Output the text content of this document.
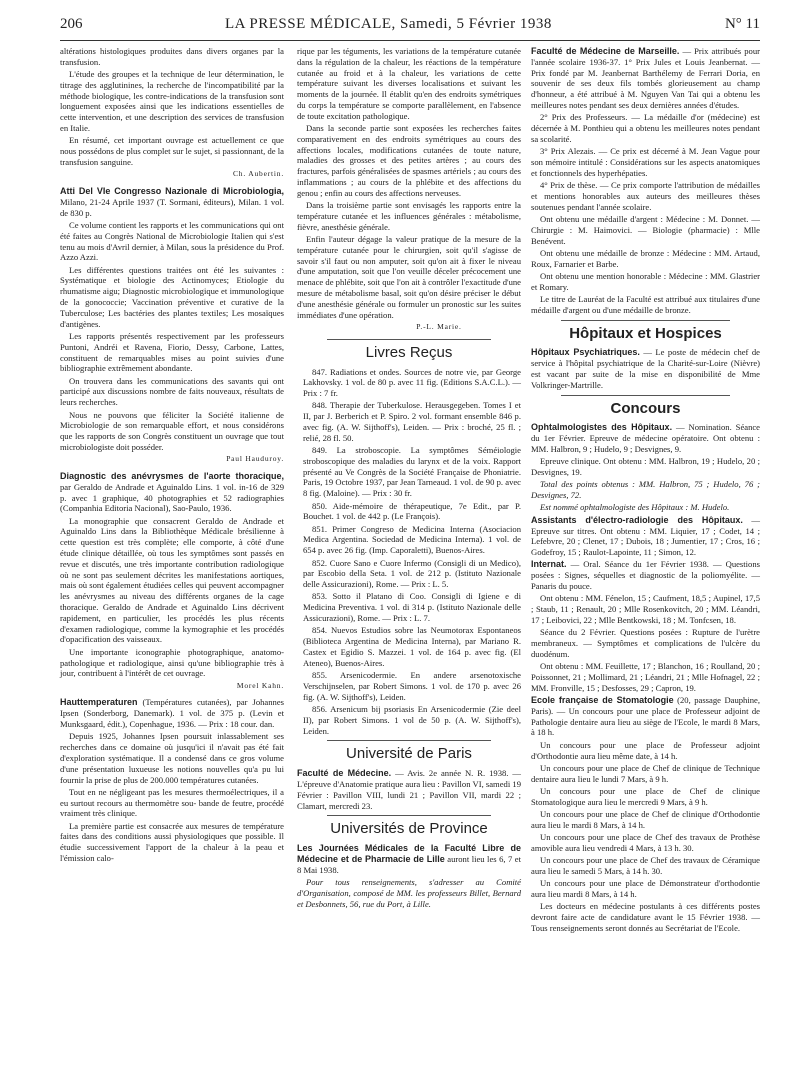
206	LA PRESSE MÉDICALE, Samedi, 5 Février 1938	N° 11

altérations histologiques produites dans divers organes par la transfusion.

L'étude des groupes et la technique de leur détermination, le titrage des agglutinines, la recherche de l'incompatibilité par la méthode biologique, les contre-indications de la transfusion sont longuement exposées ainsi que les indications essentielles de cette intervention, et une description des services de transfusion en Italie.

En résumé, cet important ouvrage est actuellement ce que nous possédons de plus complet sur le sujet, si passionnant, de la transfusion sanguine.

Ch. Aubertin.

Atti Del VIe Congresso Nazionale di Microbiologia, Milano, 21-24 Aprile 1937 (T. Sormani, éditeurs), Milan. 1 vol. de 830 p.

Ce volume contient les rapports et les communications qui ont été faites au Congrès National de Microbiologie Italien qui s'est tenu au mois d'Avril dernier, à Milan, sous la présidence du Prof. Azzo Azzi.

Les différentes questions traitées ont été les suivantes : Systématique et biologie des Actinomyces; Etiologie du rhumatisme aigu; Diagnostic microbiologique et immunologique de la gonococcie; Vaccination préventive et curative de la Tuberculose; Les bactéries des plantes textiles; Les mosaïques d'antigènes.

Les rapports présentés respectivement par les professeurs Puntoni, Andréi et Ravena, Fiorio, Dessy, Carbone, Lattes, constituent de remarquables mises au point suivies d'une bibliographie extrêmement abondante.

On trouvera dans les communications des savants qui ont participé aux discussions nombre de faits nouveaux, résultats de leurs recherches.

Nous ne pouvons que féliciter la Société italienne de Microbiologie de son remarquable effort, et nous considérons que les rapports de son Congrès constituent un ouvrage que tout microbiologiste doit posséder.

Paul Hauduroy.

Diagnostic des anévrysmes de l'aorte thoracique, par Geraldo de Andrade et Aguinaldo Lins. 1 vol. in-16 de 329 p. avec 1 graphique, 40 photographies et 52 radiographies (Companhia Editoria Nacional), Sao-Paulo, 1936.

La monographie que consacrent Geraldo de Andrade et Aguinaldo Lins dans la Bibliothèque Médicale brésilienne à cette question est très complète; elle comporte, à côté d'une étude clinique détaillée, où tous les symptômes sont passés en revue et discutés, une très importante contribution radiologique où ne sont pas seulement décrites les manifestations aortiques, mais où sont également étudiées celles qui peuvent accompagner les anévrysmes au niveau des différents organes de la cage thoracique. Geraldo de Andrade et Aguinaldo Lins décrivent rapidement, en particulier, les procédés les plus récents d'examen radiologique, comme la kymographie et les procédés d'opacification des vaisseaux.

Une importante iconographie photographique, anatomo-pathologique et radiologique, ainsi qu'une bibliographie très à jour, contribuent à l'intérêt de cet ouvrage.

Morel Kahn.

Hauttemperaturen (Températures cutanées), par Johannes Ipsen (Sonderborg, Danemark). 1 vol. de 375 p. (Levin et Munksgaard, édit.), Copenhague, 1936. — Prix : 18 cour. dan.

Depuis 1925, Johannes Ipsen poursuit inlassablement ses recherches dans ce domaine où jusqu'ici il n'avait pas été fait d'exploration systématique. Il a condensé dans ce gros volume d'une présentation luxueuse les notions nouvelles qu'a pu lui fournir la prise de plus de 200.000 températures cutanées.

Tout en ne négligeant pas les mesures thermoélectriques, il a eu surtout recours au thermomètre sou- bande de feutre, procédé vraiment très clinique.

La première partie est consacrée aux mesures de température faites dans des conditions aussi physiologiques que possible. Il étudie successivement l'apport de la chaleur à la peau et l'émission calo-

rique par les téguments, les variations de la température cutanée dans la régulation de la chaleur, les réactions de la température cutanée au froid et à la chaleur, les variations de cette température suivant les diverses localisations et suivant les moments de la journée. Il établit qu'en des endroits symétriques du corps la température se comporte parallèlement, en l'absence de toute excitation pathologique.

Dans la seconde partie sont exposées les recherches faites comparativement en des endroits symétriques au cours des affections locales, modifications cutanées de toute nature, maladies des grosses et des petites artères ; au cours des fractures, parfois généralisées de spasmes artériels ; au cours des inflammations ; au cours de la phlébite et des affections du genou ; enfin au cours des affections nerveuses.

Dans la troisième partie sont envisagés les rapports entre la température cutanée et les influences générales : métabolisme, fièvre, anesthésie générale.

Enfin l'auteur dégage la valeur pratique de la mesure de la température cutanée pour le chirurgien, soit qu'il s'agisse de savoir s'il faut ou non amputer, soit qu'on ait à fixer le niveau d'une amputation, soit que l'on veuille déceler précocement une menace de phlébite, soit que l'on ait à contrôler l'exactitude d'une mesure de métabolisme basal, soit qu'on désire préciser le début d'une anesthésie générale ou formuler un pronostic sur les suites immédiates d'une opération.

P.-L. Marie.
Livres Reçus

847. Radiations et ondes. Sources de notre vie, par George Lakhovsky. 1 vol. de 80 p. avec 11 fig. (Editions S.A.C.L.). — Prix : 7 fr.

848. Therapie der Tuberkulose. Herausgegeben. Tomes I et II, par J. Berberich et P. Spiro. 2 vol. formant ensemble 846 p. avec fig. (A. W. Sijthoff's), Leiden. — Prix : broché, 25 fl. ; relié, 28 fl. 50.

849. La stroboscopie. La symptômes Séméiologie stroboscopique des maladies du larynx et de la voix. Rapport présenté au Ve Congrès de la Société Française de Phoniatrie. Paris, 19 Octobre 1937, par Jean Tarneaud. 1 vol. de 90 p. avec 8 fig. (Maloine). — Prix : 30 fr.

850. Aide-mémoire de thérapeutique, 7e Edit., par P. Bouchet. 1 vol. de 442 p. (Le François).

851. Primer Congreso de Medicina Interna (Asociacion Medica Argentina. Sociedad de Medicina Interna). 1 vol. de 654 p. avec 26 fig. (Imp. Caporaletti), Buenos-Aires.

852. Cuore Sano e Cuore Infermo (Consigli di un Medico), par Escobio della Seta. 1 vol. de 212 p. (Istituto Nazionale delle Assicurazioni), Rome. — Prix : L. 5.

853. Sotto il Platano di Coo. Consigli di Igiene e di Medicina Preventiva. 1 vol. di 314 p. (Istituto Nazionale delle Assicurazioni), Rome. — Prix : L. 7.

854. Nuevos Estudios sobre las Neumotorax Espontaneos (Biblioteca Argentina de Medicina Interna), par Mariano R. Castex et Egidio S. Mazzei. 1 vol. de 164 p. avec fig. (El Ateneo), Buenos-Aires.

855. Arsenicodermie. En andere arsenotoxische Verschijnselen, par Robert Simons. 1 vol. de 170 p. avec 26 fig. (A. W. Sijthoff's), Leiden.

856. Arsenicum bij psoriasis En Arsenicodermie (Zie deel II), par Robert Simons. 1 vol de 50 p. (A. W. Sijthoff's), Leiden.

Université de Paris

Faculté de Médecine. — Avis. 2e année N. R. 1938. — L'épreuve d'Anatomie pratique aura lieu : Pavillon VI, samedi 19 Février : Pavillon VIII, lundi 21 ; Pavillon VII, mardi 22 ; Clamart, mercredi 23.

Universités de Province

Les Journées Médicales de la Faculté Libre de Médecine et de Pharmacie de Lille auront lieu les 6, 7 et 8 Mai 1938.

Pour tous renseignements, s'adresser au Comité d'Organisation, composé de MM. les professeurs Billet, Bernard et Desbonnets, 56, rue du Port, à Lille.

Faculté de Médecine de Marseille. — Prix attribués pour l'année scolaire 1936-37. 1° Prix Jules et Louis Jeanbernat. — Prix fondé par M. Jeanbernat Barthélemy de Ferrari Doria, en souvenir de ses deux fils tombés glorieusement au champ d'honneur, a été attribué à M. Nguyen Van Tai qui a obtenu les meilleures notes pendant ses deux dernières années d'études.

2° Prix des Professeurs. — La médaille d'or (médecine) est décernée à M. Ponthieu qui a obtenu les meilleures notes pendant sa scolarité.

3° Prix Alezais. — Ce prix est décerné à M. Jean Vague pour son mémoire intitulé : Considérations sur les aspects anatomiques et fonctionnels des hyperhépaties.

4° Prix de thèse. — Ce prix comporte l'attribution de médailles et mentions honorables aux auteurs des meilleures thèses soutenues pendant l'année scolaire.

Ont obtenu une médaille d'argent : Médecine : M. Donnet. — Chirurgie : M. Haimovici. — Biologie (pharmacie) : Mlle Benévent.

Ont obtenu une médaille de bronze : Médecine : MM. Artaud, Roux, Farnarier et Barbe.

Ont obtenu une mention honorable : Médecine : MM. Glastrier et Romary.

Le titre de Lauréat de la Faculté est attribué aux titulaires d'une médaille d'argent ou d'une médaille de bronze.

Hôpitaux et Hospices

Hôpitaux Psychiatriques. — Le poste de médecin chef de service à l'hôpital psychiatrique de la Charité-sur-Loire (Nièvre) est vacant par suite de la mise en disponibilité de Mme Volkringer-Martrille.

Concours

Ophtalmologistes des Hôpitaux. — Nomination. Séance du 1er Février. Epreuve de médecine opératoire. Ont obtenu : MM. Halbron, 9 ; Hudelo, 9 ; Desvignes, 9.

Epreuve clinique. Ont obtenu : MM. Halbron, 19 ; Hudelo, 20 ; Desvignes, 19.

Total des points obtenus : MM. Halbron, 75 ; Hudelo, 76 ; Desvignes, 72.

Est nommé ophtalmologiste des Hôpitaux : M. Hudelo.

Assistants d'électro-radiologie des Hôpitaux. — Epreuve sur titres. Ont obtenu : MM. Liquier, 17 ; Codet, 14 ; Lefebvre, 20 ; Clenet, 17 ; Dubois, 18 ; Jumentier, 17 ; Cros, 16 ; Godefroy, 15 ; Raulot-Lapointe, 11 ; Simon, 12.

Internat. — Oral. Séance du 1er Février 1938. — Questions posées : Signes, séquelles et diagnostic de la poliomyélite. — Panaris du pouce.

Ont obtenu : MM. Fénelon, 15 ; Caufment, 18,5 ; Aupinel, 17,5 ; Staub, 11 ; Renault, 20 ; Mlle Rosenkovitch, 20 ; MM. Léandri, 17 ; Leibovici, 22 ; Mlle Bentkowski, 18 ; M. Tonfcsen, 18.

Séance du 2 Février. Questions posées : Rupture de l'urètre membraneux. — Symptômes et complications de l'ulcère du duodénum.

Ont obtenu : MM. Feuillette, 17 ; Blanchon, 16 ; Roulland, 20 ; Poissonnet, 21 ; Mollimard, 21 ; Léandri, 21 ; Mlle Hofnagel, 22 ; MM. Fronville, 15 ; Desfosses, 29 ; Capron, 19.

Ecole française de Stomatologie (20, passage Dauphine, Paris). — Un concours pour une place de Professeur adjoint de Pathologie dentaire aura lieu au siège de l'Ecole, le mardi 8 Mars, à 18 h.

Un concours pour une place de Professeur adjoint d'Orthodontie aura lieu même date, à 14 h.

Un concours pour une place de Chef de clinique de Technique dentaire aura lieu le lundi 7 Mars, à 9 h.

Un concours pour une place de Chef de clinique Stomatologique aura lieu le mercredi 9 Mars, à 9 h.

Un concours pour une place de Chef de clinique d'Orthodontie aura lieu le mardi 8 Mars, à 14 h.

Un concours pour une place de Chef des travaux de Prothèse amovible aura lieu vendredi 4 Mars, à 13 h. 30.

Un concours pour une place de Chef des travaux de Céramique aura lieu le samedi 5 Mars, à 14 h. 30.

Un concours pour une place de Démonstrateur d'orthodontie aura lieu mardi 8 Mars, à 14 h.

Les docteurs en médecine postulants à ces différents postes devront faire acte de candidature avant le 15 Février 1938. — Tous renseignements seront donnés au Secrétariat de l'Ecole.
